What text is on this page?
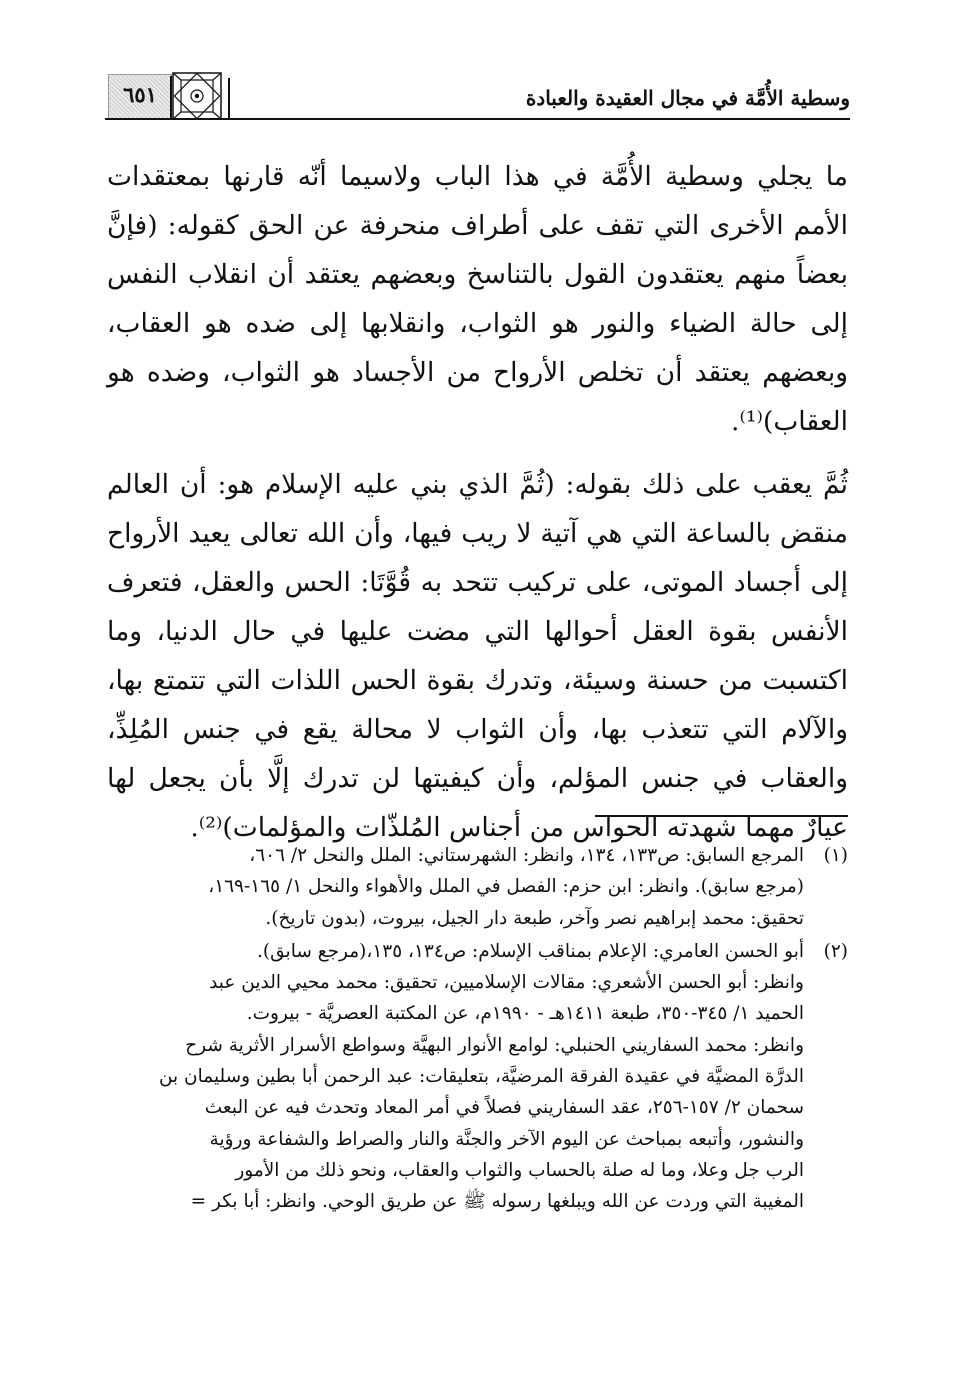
٦٥١	وسطية الأُمَّة في مجال العقيدة والعبادة

ما يجلي وسطية الأُمَّة في هذا الباب ولاسيما أنّه قارنها بمعتقدات الأمم الأخرى التي تقف على أطراف منحرفة عن الحق كقوله: (فإنَّ بعضاً منهم يعتقدون القول بالتناسخ وبعضهم يعتقد أن انقلاب النفس إلى حالة الضياء والنور هو الثواب، وانقلابها إلى ضده هو العقاب، وبعضهم يعتقد أن تخلص الأرواح من الأجساد هو الثواب، وضده هو العقاب)⁽¹⁾.

ثُمَّ يعقب على ذلك بقوله: (ثُمَّ الذي بني عليه الإسلام هو: أن العالم منقض بالساعة التي هي آتية لا ريب فيها، وأن الله تعالى يعيد الأرواح إلى أجساد الموتى، على تركيب تتحد به قُوَّتَا: الحس والعقل، فتعرف الأنفس بقوة العقل أحوالها التي مضت عليها في حال الدنيا، وما اكتسبت من حسنة وسيئة، وتدرك بقوة الحس اللذات التي تتمتع بها، والآلام التي تتعذب بها، وأن الثواب لا محالة يقع في جنس المُلِذِّ، والعقاب في جنس المؤلم، وأن كيفيتها لن تدرك إلَّا بأن يجعل لها عيارٌ مهما شهدته الحواس من أجناس المُلذّات والمؤلمات)⁽²⁾.

(١)
المرجع السابق: ص١٣٣، ١٣٤، وانظر: الشهرستاني: الملل والنحل ٢/ ٦٠٦،
(مرجع سابق). وانظر: ابن حزم: الفصل في الملل والأهواء والنحل ١/ ١٦٥-١٦٩،
تحقيق: محمد إبراهيم نصر وآخر، طبعة دار الجيل، بيروت، (بدون تاريخ).
(٢)
أبو الحسن العامري: الإعلام بمناقب الإسلام: ص١٣٤، ١٣٥،(مرجع سابق).
وانظر: أبو الحسن الأشعري: مقالات الإسلاميين، تحقيق: محمد محيي الدين عبد
الحميد ١/ ٣٤٥-٣٥٠، طبعة ١٤١١هـ - ١٩٩٠م، عن المكتبة العصريَّة - بيروت.
وانظر: محمد السفاريني الحنبلي: لوامع الأنوار البهيَّة وسواطع الأسرار الأثرية شرح
الدرَّة المضيَّة في عقيدة الفرقة المرضيَّة، بتعليقات: عبد الرحمن أبا بطين وسليمان بن
سحمان ٢/ ١٥٧-٢٥٦، عقد السفاريني فصلاً في أمر المعاد وتحدث فيه عن البعث
والنشور، وأتبعه بمباحث عن اليوم الآخر والجنَّة والنار والصراط والشفاعة ورؤية
الرب جل وعلا، وما له صلة بالحساب والثواب والعقاب، ونحو ذلك من الأمور
المغيبة التي وردت عن الله ويبلغها رسوله ﷺ عن طريق الوحي. وانظر: أبا بكر =
